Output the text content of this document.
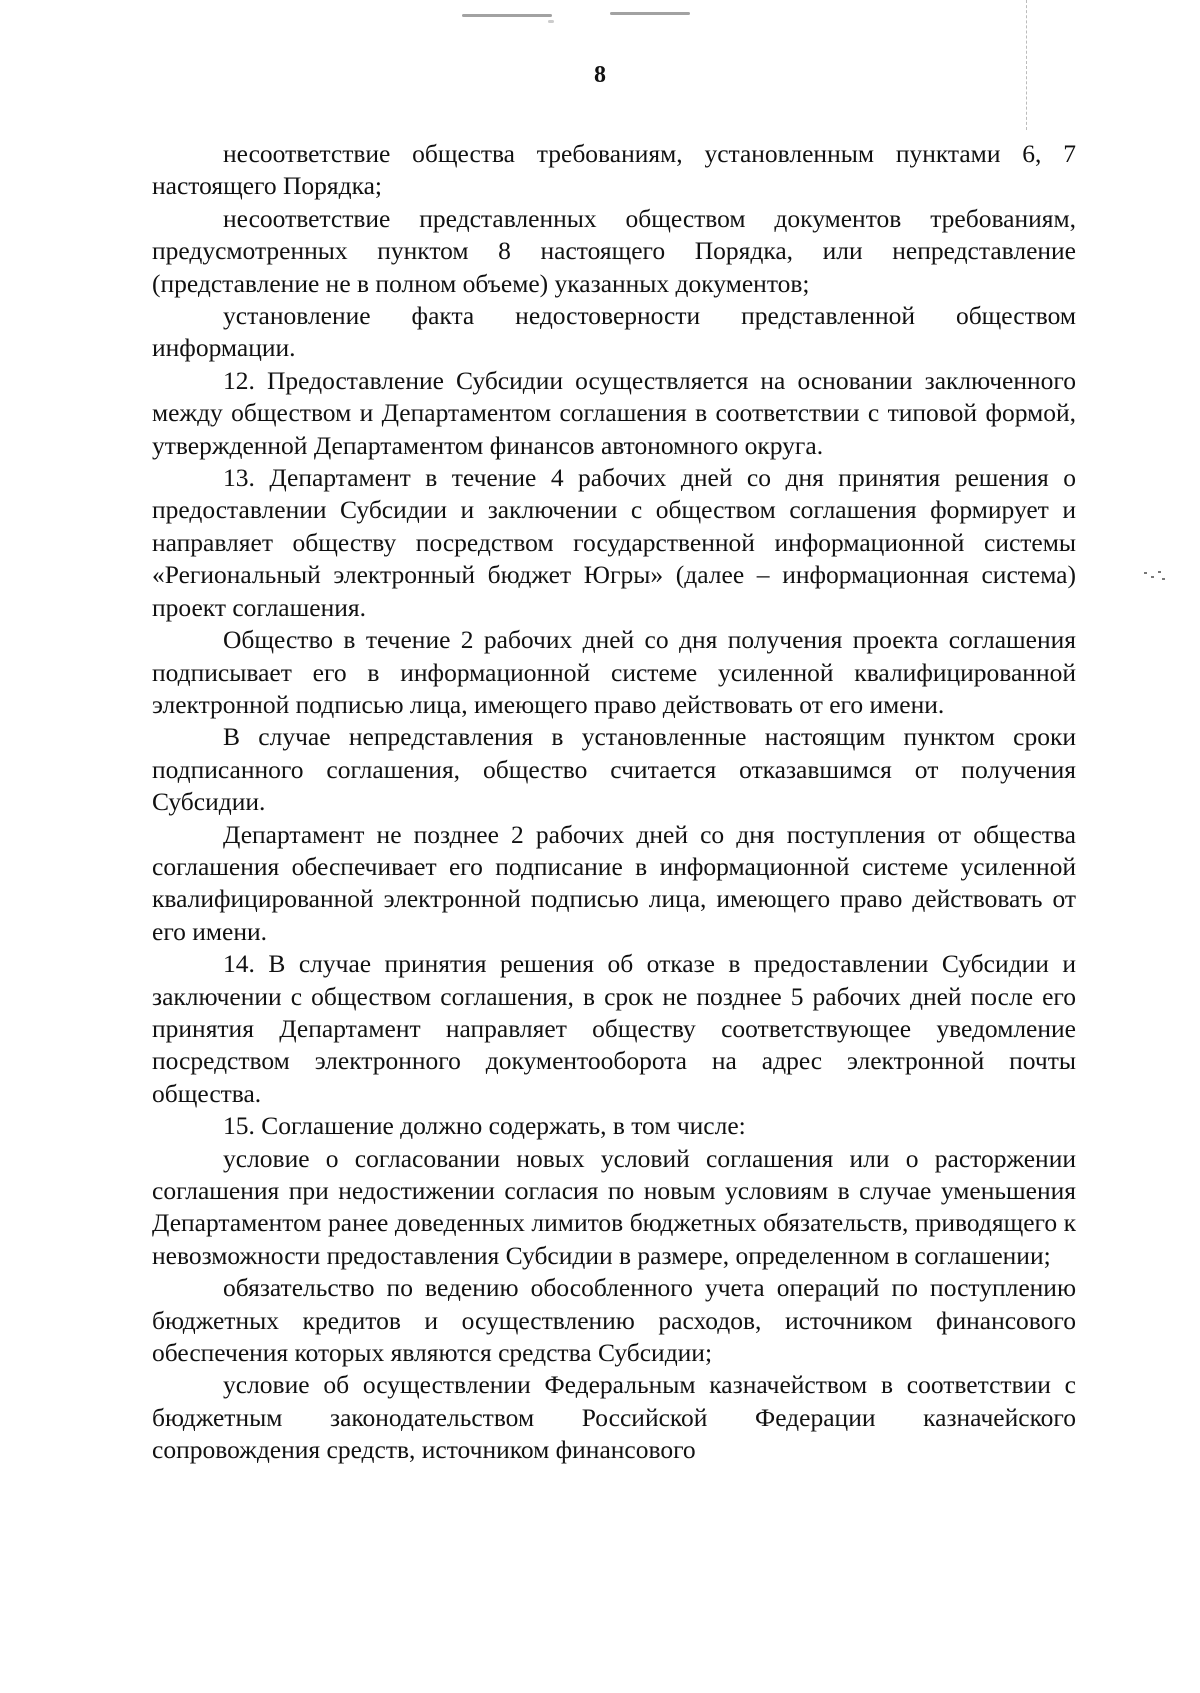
8

несоответствие общества требованиям, установленным пунктами 6, 7 настоящего Порядка;

несоответствие представленных обществом документов требованиям, предусмотренных пунктом 8 настоящего Порядка, или непредставление (представление не в полном объеме) указанных документов;

установление факта недостоверности представленной обществом информации.

12. Предоставление Субсидии осуществляется на основании заключенного между обществом и Департаментом соглашения в соответствии с типовой формой, утвержденной Департаментом финансов автономного округа.

13. Департамент в течение 4 рабочих дней со дня принятия решения о предоставлении Субсидии и заключении с обществом соглашения формирует и направляет обществу посредством государственной информационной системы «Региональный электронный бюджет Югры» (далее – информационная система) проект соглашения.

Общество в течение 2 рабочих дней со дня получения проекта соглашения подписывает его в информационной системе усиленной квалифицированной электронной подписью лица, имеющего право действовать от его имени.

В случае непредставления в установленные настоящим пунктом сроки подписанного соглашения, общество считается отказавшимся от получения Субсидии.

Департамент не позднее 2 рабочих дней со дня поступления от общества соглашения обеспечивает его подписание в информационной системе усиленной квалифицированной электронной подписью лица, имеющего право действовать от его имени.

14. В случае принятия решения об отказе в предоставлении Субсидии и заключении с обществом соглашения, в срок не позднее 5 рабочих дней после его принятия Департамент направляет обществу соответствующее уведомление посредством электронного документооборота на адрес электронной почты общества.

15. Соглашение должно содержать, в том числе:

условие о согласовании новых условий соглашения или о расторжении соглашения при недостижении согласия по новым условиям в случае уменьшения Департаментом ранее доведенных лимитов бюджетных обязательств, приводящего к невозможности предоставления Субсидии в размере, определенном в соглашении;

обязательство по ведению обособленного учета операций по поступлению бюджетных кредитов и осуществлению расходов, источником финансового обеспечения которых являются средства Субсидии;

условие об осуществлении Федеральным казначейством в соответствии с бюджетным законодательством Российской Федерации казначейского сопровождения средств, источником финансового
